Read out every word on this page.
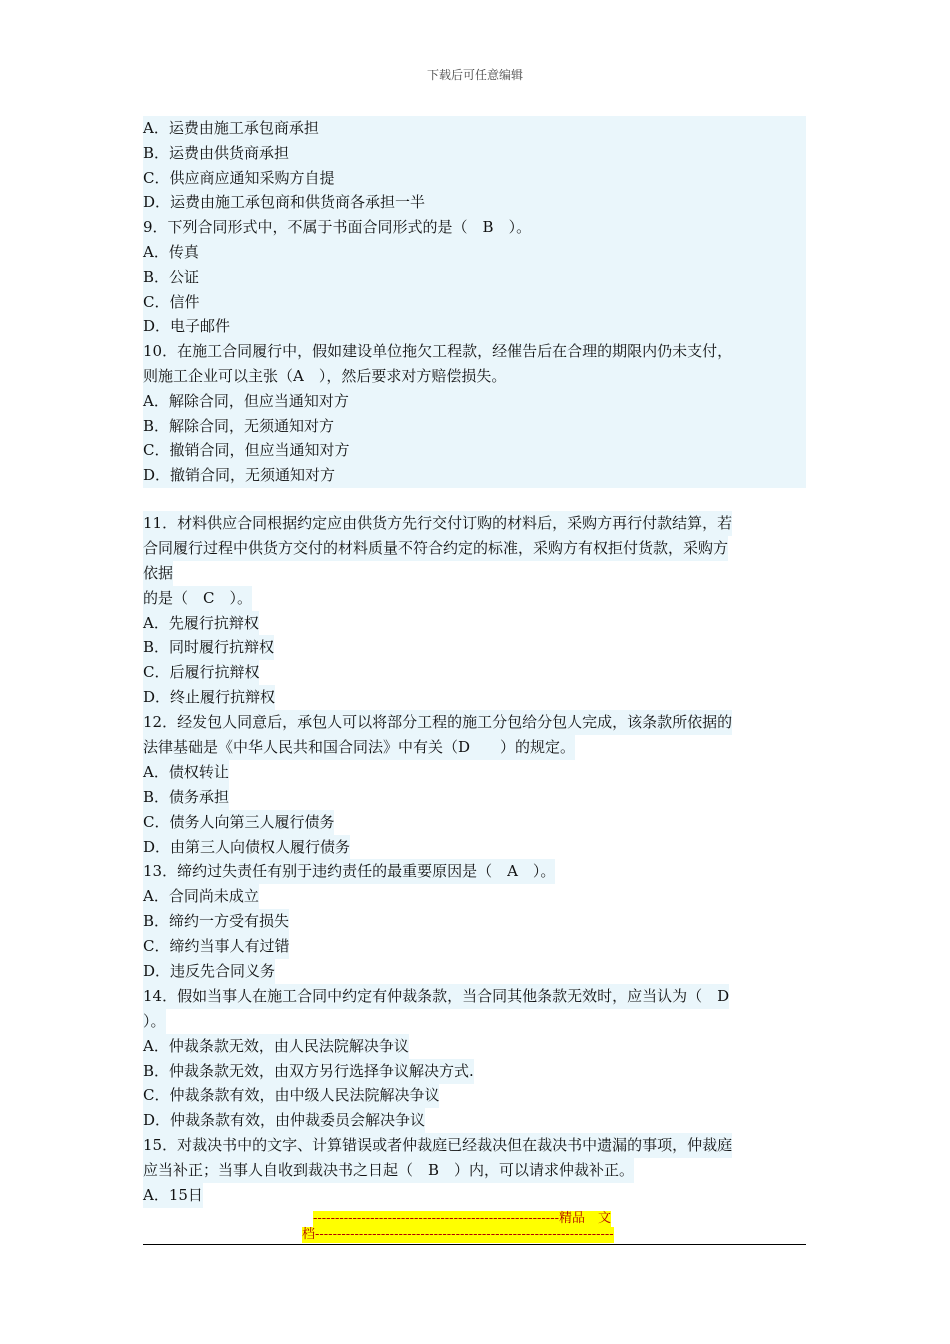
下载后可任意编辑
A．运费由施工承包商承担
B．运费由供货商承担
C．供应商应通知采购方自提
D．运费由施工承包商和供货商各承担一半
9．下列合同形式中，不属于书面合同形式的是（　B　）。
A．传真
B．公证
C．信件
D．电子邮件
10．在施工合同履行中，假如建设单位拖欠工程款，经催告后在合理的期限内仍未支付，
则施工企业可以主张（A　），然后要求对方赔偿损失。
A．解除合同，但应当通知对方
B．解除合同，无须通知对方
C．撤销合同，但应当通知对方
D．撤销合同，无须通知对方
11．材料供应合同根据约定应由供货方先行交付订购的材料后，采购方再行付款结算，若
合同履行过程中供货方交付的材料质量不符合约定的标准，采购方有权拒付货款，采购方
依据
的是（　C　）。
A．先履行抗辩权
B．同时履行抗辩权
C．后履行抗辩权
D．终止履行抗辩权
12．经发包人同意后，承包人可以将部分工程的施工分包给分包人完成，该条款所依据的
法律基础是《中华人民共和国合同法》中有关（D　　）的规定。
A．债权转让
B．债务承担
C．债务人向第三人履行债务
D．由第三人向债权人履行债务
13．缔约过失责任有别于违约责任的最重要原因是（　A　）。
A．合同尚未成立
B．缔约一方受有损失
C．缔约当事人有过错
D．违反先合同义务
14．假如当事人在施工合同中约定有仲裁条款，当合同其他条款无效时，应当认为（　D
）。
A．仲裁条款无效，由人民法院解决争议
B．仲裁条款无效，由双方另行选择争议解决方式.
C．仲裁条款有效，由中级人民法院解决争议
D．仲裁条款有效，由仲裁委员会解决争议
15．对裁决书中的文字、计算错误或者仲裁庭已经裁决但在裁决书中遗漏的事项，仲裁庭
应当补正；当事人自收到裁决书之日起（　B　）内，可以请求仲裁补正。
A．15日
--------------------------------------------------------精品　文
档--------------------------------------------------------------------
